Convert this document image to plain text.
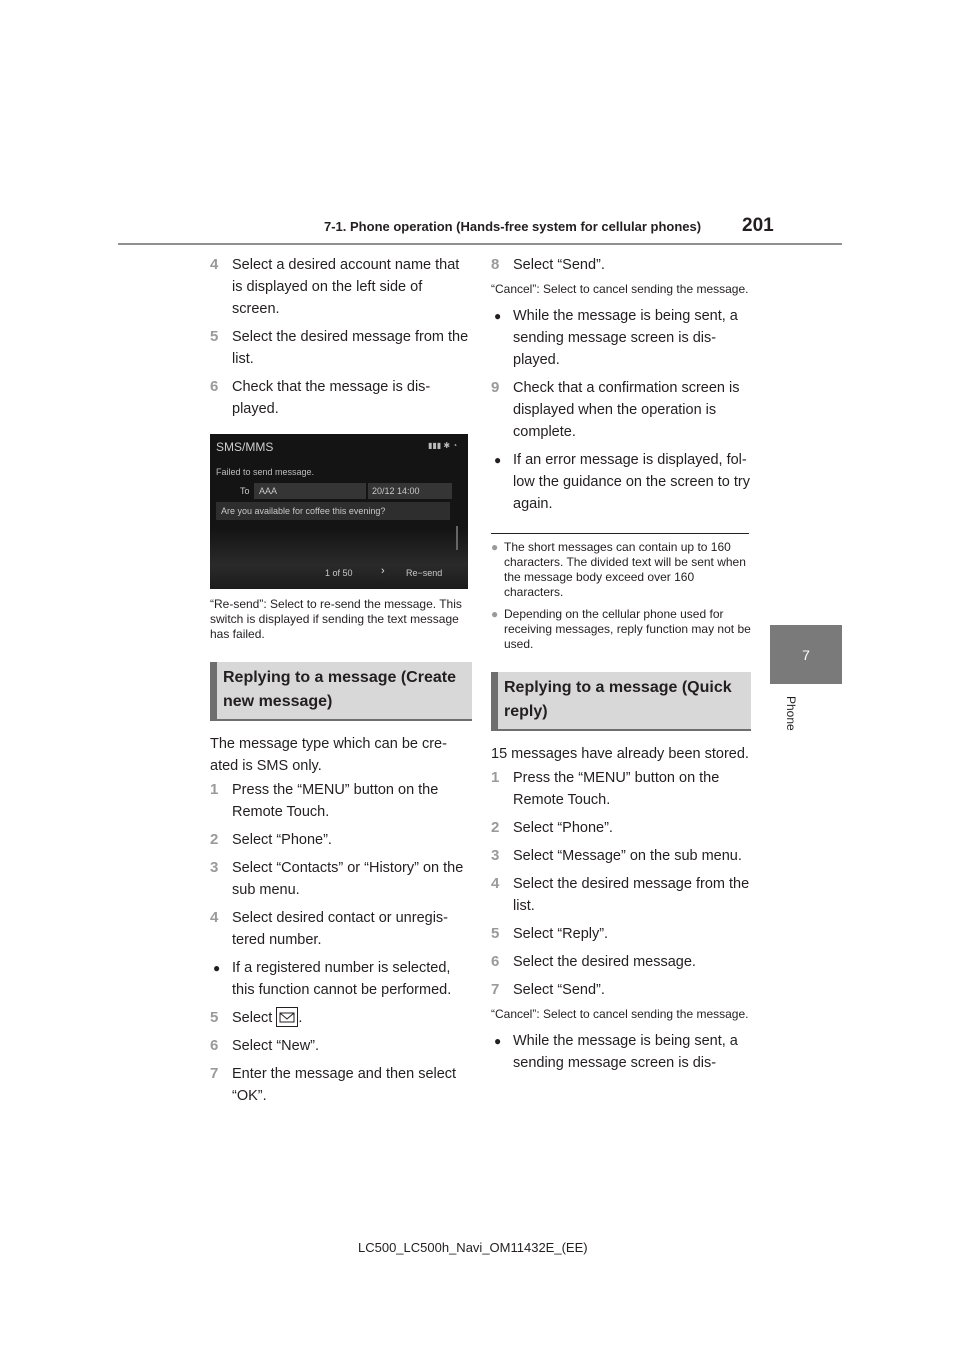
7-1. Phone operation (Hands-free system for cellular phones) 201
7
Phone
4 Select a desired account name that is displayed on the left side of screen.
5 Select the desired message from the list.
6 Check that the message is dis-played.
SMS/MMS	▮▮▮ ✱ ◔
Failed to send message.
To AAA	20/12 14:00
Are you available for coffee this evening?
1 of 50	› Re−send
“Re-send”: Select to re-send the message. This switch is displayed if sending the text message has failed.
Replying to a message (Create new message)
The message type which can be cre-ated is SMS only.
1 Press the “MENU” button on the Remote Touch.
2 Select “Phone”.
3 Select “Contacts” or “History” on the sub menu.
4 Select desired contact or unregis-tered number.
● If a registered number is selected, this function cannot be performed.
5 Select .
6 Select “New”.
7 Enter the message and then select “OK”.
8 Select “Send”.
“Cancel”: Select to cancel sending the message.
● While the message is being sent, a sending message screen is dis-played.
9 Check that a confirmation screen is displayed when the operation is complete.
● If an error message is displayed, fol-low the guidance on the screen to try again.
● The short messages can contain up to 160 characters. The divided text will be sent when the message body exceed over 160 characters.
● Depending on the cellular phone used for receiving messages, reply function may not be used.
Replying to a message (Quick reply)
15 messages have already been stored.
1 Press the “MENU” button on the Remote Touch.
2 Select “Phone”.
3 Select “Message” on the sub menu.
4 Select the desired message from the list.
5 Select “Reply”.
6 Select the desired message.
7 Select “Send”.
“Cancel”: Select to cancel sending the message.
● While the message is being sent, a sending message screen is dis-
LC500_LC500h_Navi_OM11432E_(EE)
